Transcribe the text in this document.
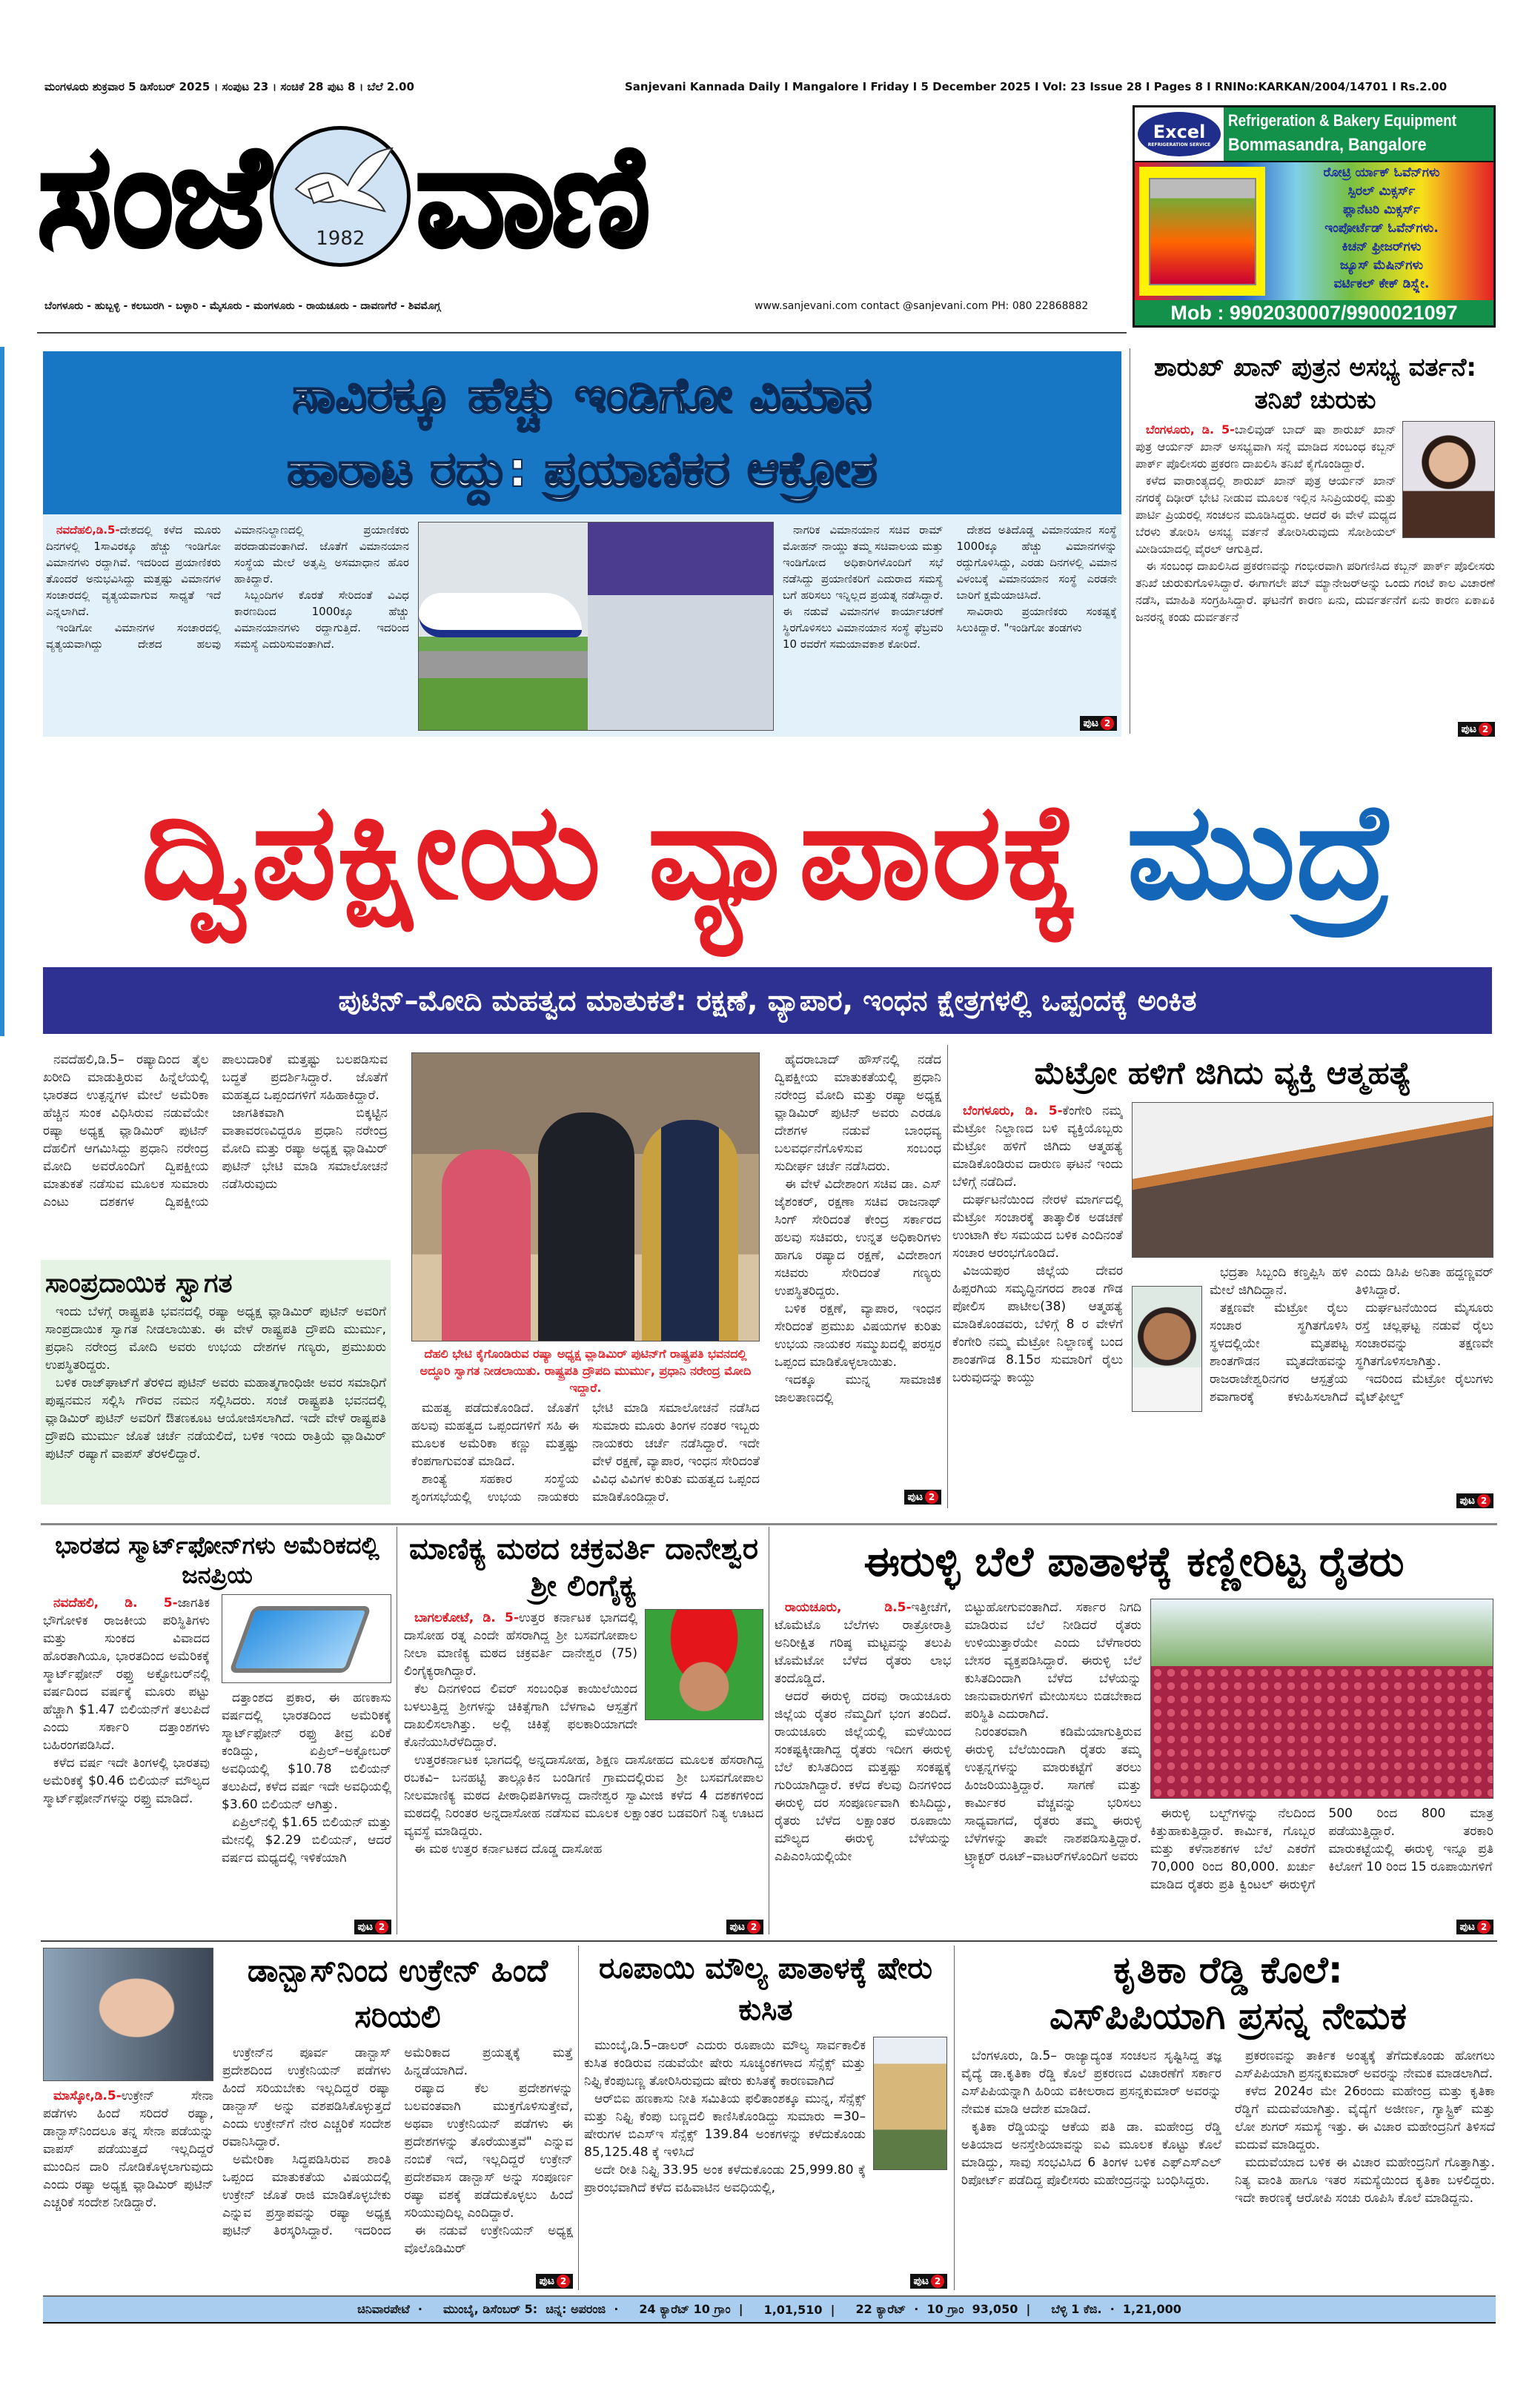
ಮಂಗಳೂರು ಶುಕ್ರವಾರ 5 ಡಿಸೆಂಬರ್ 2025 । ಸಂಪುಟ 23 । ಸಂಚಿಕೆ 28 ಪುಟ 8 । ಬೆಲೆ 2.00	Sanjevani Kannada Daily I Mangalore I Friday I 5 December 2025 I Vol: 23 Issue 28 I Pages 8 I RNINo:KARKAN/2004/14701 I Rs.2.00
ಸಂಜೆ	1982 ವಾಣಿ
ಬೆಂಗಳೂರು - ಹುಬ್ಬಳ್ಳಿ - ಕಲಬುರಗಿ - ಬಳ್ಳಾರಿ - ಮೈಸೂರು - ಮಂಗಳೂರು - ರಾಯಚೂರು - ದಾವಣಗೆರೆ - ಶಿವಮೊಗ್ಗ	www.sanjevani.com contact @sanjevani.com PH: 080 22868882
Excel
REFRIGERATION SERVICE
Refrigeration & Bakery Equipment
Bommasandra, Bangalore
ರೋಟ್ರಿ ರ್ಯಾಕ್ ಓವೆನ್‌ಗಳು
ಸ್ಪಿರಲ್ ಮಿಕ್ಸರ್ಸ್
ಪ್ಲಾನೆಟರಿ ಮಿಕ್ಸರ್ಸ್
ಇಂಪೋರ್ಟೆಡ್ ಓವೆನ್‌ಗಳು.
ಕಿಚನ್ ಫ್ರೀಜರ್‌ಗಳು
ಜ್ಯೂಸ್ ಮೆಷಿನ್‌ಗಳು
ವರ್ಟಿಕಲ್ ಕೇಕ್ ಡಿಸ್ಪ್ಲೇ.
Mob : 9902030007/9900021097
ಸಾವಿರಕ್ಕೂ ಹೆಚ್ಚು ಇಂಡಿಗೋ ವಿಮಾನ
ಹಾರಾಟ ರದ್ದು: ಪ್ರಯಾಣಿಕರ ಆಕ್ರೋಶ

ನವದೆಹಲಿ,ಡಿ.5-ದೇಶದಲ್ಲಿ ಕಳೆದ ಮೂರು ದಿನಗಳಲ್ಲಿ 1ಸಾವಿರಕ್ಕೂ ಹೆಚ್ಚು ಇಂಡಿಗೋ ವಿಮಾನಗಳು ರದ್ದಾಗಿವೆ. ಇದರಿಂದ ಪ್ರಯಾಣಿಕರು ತೊಂದರೆ ಅನುಭವಿಸಿದ್ದು ಮತ್ತಷ್ಟು ವಿಮಾನಗಳ ಸಂಚಾರದಲ್ಲಿ ವ್ಯತ್ಯಯವಾಗುವ ಸಾಧ್ಯತೆ ಇದೆ ಎನ್ನಲಾಗಿದೆ.

ಇಂಡಿಗೋ ವಿಮಾನಗಳ ಸಂಚಾರದಲ್ಲಿ ವ್ಯತ್ಯಯವಾಗಿದ್ದು ದೇಶದ ಹಲವು ವಿಮಾನನಿಲ್ದಾಣದಲ್ಲಿ ಪ್ರಯಾಣಿಕರು ಪರದಾಡುವಂತಾಗಿದೆ. ಜೊತೆಗೆ ವಿಮಾನಯಾನ ಸಂಸ್ಥೆಯ ಮೇಲೆ ಅತೃಪ್ತಿ ಅಸಮಾಧಾನ ಹೊರ ಹಾಕಿದ್ದಾರೆ.

ಸಿಬ್ಬಂದಿಗಳ ಕೊರತೆ ಸೇರಿದಂತೆ ವಿವಿಧ ಕಾರಣದಿಂದ 1000ಕ್ಕೂ ಹೆಚ್ಚು ವಿಮಾನಯಾನಗಳು ರದ್ದಾಗುತ್ತಿದೆ. ಇದರಿಂದ ಸಮಸ್ಯೆ ಎದುರಿಸುವಂತಾಗಿದೆ.

ನಾಗರಿಕ ವಿಮಾನಯಾನ ಸಚಿವ ರಾಮ್ ಮೋಹನ್ ನಾಯ್ಡು ತಮ್ಮ ಸಚಿವಾಲಯ ಮತ್ತು ಇಂಡಿಗೋದ ಅಧಿಕಾರಿಗಳೊಂದಿಗೆ ಸಭೆ ನಡೆಸಿದ್ದು ಪ್ರಯಾಣಿಕರಿಗೆ ಎದುರಾದ ಸಮಸ್ಯೆ ಬಗೆ ಹರಿಸಲು ಇನ್ನಿಲ್ಲದ ಪ್ರಯತ್ನ ನಡೆಸಿದ್ದಾರೆ. ಈ ನಡುವೆ ವಿಮಾನಗಳ ಕಾರ್ಯಾಚರಣೆ ಸ್ಥಿರಗೊಳಿಸಲು ವಿಮಾನಯಾನ ಸಂಸ್ಥೆ ಫೆಬ್ರವರಿ 10 ರವರೆಗೆ ಸಮಯಾವಕಾಶ ಕೋರಿದೆ.

ದೇಶದ ಅತಿದೊಡ್ಡ ವಿಮಾನಯಾನ ಸಂಸ್ಥೆ 1000ಕ್ಕೂ ಹೆಚ್ಚು ವಿಮಾನಗಳನ್ನು ರದ್ದುಗೊಳಿಸಿದ್ದು, ಎರಡು ದಿನಗಳಲ್ಲಿ ವಿಮಾನ ವಿಳಂಬಕ್ಕೆ ವಿಮಾನಯಾನ ಸಂಸ್ಥೆ ಎರಡನೇ ಬಾರಿಗೆ ಕ್ಷಮೆಯಾಚಿಸಿದೆ.

ಸಾವಿರಾರು ಪ್ರಯಾಣಿಕರು ಸಂಕಷ್ಟಕ್ಕೆ ಸಿಲುಕಿದ್ದಾರೆ. "ಇಂಡಿಗೋ ತಂಡಗಳು

ಪುಟ 2
ಶಾರುಖ್ ಖಾನ್ ಪುತ್ರನ ಅಸಭ್ಯ ವರ್ತನೆ: ತನಿಖೆ ಚುರುಕು

ಬೆಂಗಳೂರು, ಡಿ. 5-ಬಾಲಿವುಡ್ ಬಾದ್ ಷಾ ಶಾರುಖ್ ಖಾನ್ ಪುತ್ರ ಆರ್ಯನ್ ಖಾನ್ ಅಸಭ್ಯವಾಗಿ ಸನ್ನೆ ಮಾಡಿದ ಸಂಬಂಧ ಕಬ್ಬನ್ ಪಾರ್ಕ್ ಪೊಲೀಸರು ಪ್ರಕರಣ ದಾಖಲಿಸಿ ತನಿಖೆ ಕೈಗೊಂಡಿದ್ದಾರೆ.

ಕಳೆದ ವಾರಾಂತ್ಯದಲ್ಲಿ ಶಾರುಖ್ ಖಾನ್ ಪುತ್ರ ಆರ್ಯನ್ ಖಾನ್ ನಗರಕ್ಕೆ ದಿಢೀರ್ ಭೇಟಿ ನೀಡುವ ಮೂಲಕ ಇಲ್ಲಿನ ಸಿನಿಪ್ರಿಯರಲ್ಲಿ ಮತ್ತು ಪಾರ್ಟಿ ಪ್ರಿಯರಲ್ಲಿ ಸಂಚಲನ ಮೂಡಿಸಿದ್ದರು. ಆದರೆ ಈ ವೇಳೆ ಮಧ್ಯದ ಬೆರಳು ತೋರಿಸಿ ಅಸಭ್ಯ ವರ್ತನೆ ತೋರಿಸಿರುವುದು ಸೋಶಿಯಲ್ ಮೀಡಿಯಾದಲ್ಲಿ ವೈರಲ್ ಆಗುತ್ತಿದೆ.

ಈ ಸಂಬಂಧ ದಾಖಲಿಸಿದ ಪ್ರಕರಣವನ್ನು ಗಂಭೀರವಾಗಿ ಪರಿಗಣಿಸಿದ ಕಬ್ಬನ್ ಪಾರ್ಕ್ ಪೊಲೀಸರು ತನಿಖೆ ಚುರುಕುಗೊಳಿಸಿದ್ದಾರೆ. ಈಗಾಗಲೇ ಪಬ್ ಮ್ಯಾನೇಜರ್‌ಅನ್ನು ಒಂದು ಗಂಟೆ ಕಾಲ ವಿಚಾರಣೆ ನಡೆಸಿ, ಮಾಹಿತಿ ಸಂಗ್ರಹಿಸಿದ್ದಾರೆ. ಘಟನೆಗೆ ಕಾರಣ ಏನು, ದುರ್ವರ್ತನೆಗೆ ಏನು ಕಾರಣ ಏಕಾಏಕಿ ಜನರನ್ನ ಕಂಡು ದುರ್ವರ್ತನೆ

ಪುಟ 2
ದ್ವಿಪಕ್ಷೀಯ ವ್ಯಾಪಾರಕ್ಕೆ ಮುದ್ರೆ
ಪುಟಿನ್–ಮೋದಿ ಮಹತ್ವದ ಮಾತುಕತೆ: ರಕ್ಷಣೆ, ವ್ಯಾಪಾರ, ಇಂಧನ ಕ್ಷೇತ್ರಗಳಲ್ಲಿ ಒಪ್ಪಂದಕ್ಕೆ ಅಂಕಿತ

ನವದೆಹಲಿ,ಡಿ.5– ರಷ್ಯಾದಿಂದ ತೈಲ ಖರೀದಿ ಮಾಡುತ್ತಿರುವ ಹಿನ್ನೆಲೆಯಲ್ಲಿ ಭಾರತದ ಉತ್ಪನ್ನಗಳ ಮೇಲೆ ಅಮೆರಿಕಾ ಹೆಚ್ಚಿನ ಸುಂಕ ವಿಧಿಸಿರುವ ನಡುವೆಯೇ ರಷ್ಯಾ ಅಧ್ಯಕ್ಷ ವ್ಲಾಡಿಮಿರ್ ಪುಟಿನ್ ದೆಹಲಿಗೆ ಆಗಮಿಸಿದ್ದು ಪ್ರಧಾನಿ ನರೇಂದ್ರ ಮೋದಿ ಅವರೊಂದಿಗೆ ದ್ವಿಪಕ್ಷೀಯ ಮಾತುಕತೆ ನಡೆಸುವ ಮೂಲಕ ಸುಮಾರು ಎಂಟು ದಶಕಗಳ ದ್ವಿಪಕ್ಷೀಯ ಪಾಲುದಾರಿಕೆ ಮತ್ತಷ್ಟು ಬಲಪಡಿಸುವ ಬದ್ಧತೆ ಪ್ರದರ್ಶಿಸಿದ್ದಾರೆ. ಜೊತೆಗೆ ಮಹತ್ವದ ಒಪ್ಪಂದಗಳಿಗೆ ಸಹಿಹಾಕಿದ್ದಾರೆ.

ಜಾಗತಿಕವಾಗಿ ಬಿಕ್ಕಟ್ಟಿನ ವಾತಾವರಣವಿದ್ದರೂ ಪ್ರಧಾನಿ ನರೇಂದ್ರ ಮೋದಿ ಮತ್ತು ರಷ್ಯಾ ಅಧ್ಯಕ್ಷ ವ್ಲಾಡಿಮಿರ್ ಪುಟಿನ್ ಭೇಟಿ ಮಾಡಿ ಸಮಾಲೋಚನೆ ನಡೆಸಿರುವುದು

ಸಾಂಪ್ರದಾಯಿಕ ಸ್ವಾಗತ

ಇಂದು ಬೆಳಗ್ಗೆ ರಾಷ್ಟ್ರಪತಿ ಭವನದಲ್ಲಿ ರಷ್ಯಾ ಅಧ್ಯಕ್ಷ ವ್ಲಾಡಿಮಿರ್ ಪುಟಿನ್ ಅವರಿಗೆ ಸಾಂಪ್ರದಾಯಿಕ ಸ್ವಾಗತ ನೀಡಲಾಯಿತು. ಈ ವೇಳೆ ರಾಷ್ಟ್ರಪತಿ ದ್ರೌಪದಿ ಮುರ್ಮು, ಪ್ರಧಾನಿ ನರೇಂದ್ರ ಮೋದಿ ಅವರು ಉಭಯ ದೇಶಗಳ ಗಣ್ಯರು, ಪ್ರಮುಖರು ಉಪಸ್ಥಿತರಿದ್ದರು.

ಬಳಿಕ ರಾಜ್‌ಘಾಟ್‌ಗೆ ತೆರಳಿದ ಪುಟಿನ್ ಅವರು ಮಹಾತ್ಮಗಾಂಧಿಜೀ ಅವರ ಸಮಾಧಿಗೆ ಪುಷ್ಪನಮನ ಸಲ್ಲಿಸಿ ಗೌರವ ನಮನ ಸಲ್ಲಿಸಿದರು. ಸಂಜೆ ರಾಷ್ಟ್ರಪತಿ ಭವನದಲ್ಲಿ ವ್ಲಾಡಿಮಿರ್ ಪುಟಿನ್ ಅವರಿಗೆ ಔತಣಕೂಟ ಆಯೋಜಿಸಲಾಗಿದೆ. ಇದೇ ವೇಳೆ ರಾಷ್ಟ್ರಪತಿ ದ್ರೌಪದಿ ಮುರ್ಮು ಜೊತೆ ಚರ್ಚೆ ನಡೆಯಲಿದೆ, ಬಳಿಕ ಇಂದು ರಾತ್ರಿಯೆ ವ್ಲಾಡಿಮಿರ್ ಪುಟಿನ್ ರಷ್ಯಾಗೆ ವಾಪಸ್ ತೆರಳಲಿದ್ದಾರೆ.

ದೆಹಲಿ ಭೇಟಿ ಕೈಗೊಂಡಿರುವ ರಷ್ಯಾ ಅಧ್ಯಕ್ಷ ವ್ಲಾಡಿಮಿರ್ ಪುಟಿನ್‌ಗೆ ರಾಷ್ಟ್ರಪತಿ ಭವನದಲ್ಲಿ ಅದ್ಧೂರಿ ಸ್ವಾಗತ ನೀಡಲಾಯಿತು. ರಾಷ್ಟ್ರಪತಿ ದ್ರೌಪದಿ ಮುರ್ಮು, ಪ್ರಧಾನಿ ನರೇಂದ್ರ ಮೋದಿ ಇದ್ದಾರೆ.

ಮಹತ್ವ ಪಡೆದುಕೊಂಡಿದೆ. ಜೊತೆಗೆ ಹಲವು ಮಹತ್ವದ ಒಪ್ಪಂದಗಳಿಗೆ ಸಹಿ ಈ ಮೂಲಕ ಅಮೆರಿಕಾ ಕಣ್ಣು ಮತ್ತಷ್ಟು ಕೆಂಪಗಾಗುವಂತೆ ಮಾಡಿದೆ.

ಶಾಂತ್ಯೆ ಸಹಕಾರ ಸಂಸ್ಥೆಯ ಶೃಂಗಸಭೆಯಲ್ಲಿ ಉಭಯ ನಾಯಕರು ಭೇಟಿ ಮಾಡಿ ಸಮಾಲೋಚನೆ ನಡೆಸಿದ ಸುಮಾರು ಮೂರು ತಿಂಗಳ ನಂತರ ಇಬ್ಬರು ನಾಯಕರು ಚರ್ಚೆ ನಡೆಸಿದ್ದಾರೆ. ಇದೇ ವೇಳೆ ರಕ್ಷಣೆ, ವ್ಯಾಪಾರ, ಇಂಧನ ಸೇರಿದಂತೆ ವಿವಿಧ ವಿವಿಗಳ ಕುರಿತು ಮಹತ್ವದ ಒಪ್ಪಂದ ಮಾಡಿಕೊಂಡಿದ್ದಾರೆ.

ಹೈದರಾಬಾದ್ ಹೌಸ್‌ನಲ್ಲಿ ನಡೆದ ದ್ವಿಪಕ್ಷೀಯ ಮಾತುಕತೆಯಲ್ಲಿ ಪ್ರಧಾನಿ ನರೇಂದ್ರ ಮೋದಿ ಮತ್ತು ರಷ್ಯಾ ಅಧ್ಯಕ್ಷ ವ್ಲಾಡಿಮಿರ್ ಪುಟಿನ್ ಅವರು ಎರಡೂ ದೇಶಗಳ ನಡುವೆ ಬಾಂಧವ್ಯ ಬಲವರ್ಧನೆಗೊಳಿಸುವ ಸಂಬಂಧ ಸುದೀರ್ಘ ಚರ್ಚೆ ನಡೆಸಿದರು.

ಈ ವೇಳೆ ವಿದೇಶಾಂಗ ಸಚಿವ ಡಾ. ಎಸ್ ಜೈಶಂಕರ್, ರಕ್ಷಣಾ ಸಚಿವ ರಾಜನಾಥ್ ಸಿಂಗ್ ಸೇರಿದಂತೆ ಕೇಂದ್ರ ಸರ್ಕಾರದ ಹಲವು ಸಚಿವರು, ಉನ್ನತ ಅಧಿಕಾರಿಗಳು ಹಾಗೂ ರಷ್ಯಾದ ರಕ್ಷಣೆ, ವಿದೇಶಾಂಗ ಸಚಿವರು ಸೇರಿದಂತೆ ಗಣ್ಯರು ಉಪಸ್ಥಿತರಿದ್ದರು.

ಬಳಿಕ ರಕ್ಷಣೆ, ವ್ಯಾಪಾರ, ಇಂಧನ ಸೇರಿದಂತೆ ಪ್ರಮುಖ ವಿಷಯಗಳ ಕುರಿತು ಉಭಯ ನಾಯಕರ ಸಮ್ಮುಖದಲ್ಲಿ ಪರಸ್ಪರ ಒಪ್ಪಂದ ಮಾಡಿಕೊಳ್ಳಲಾಯಿತು.

ಇದಕ್ಕೂ ಮುನ್ನ ಸಾಮಾಜಿಕ ಜಾಲತಾಣದಲ್ಲಿ

ಪುಟ 2
ಮೆಟ್ರೋ ಹಳಿಗೆ ಜಿಗಿದು ವ್ಯಕ್ತಿ ಆತ್ಮಹತ್ಯೆ

ಬೆಂಗಳೂರು, ಡಿ. 5-ಕೆಂಗೇರಿ ನಮ್ಮ ಮೆಟ್ರೋ ನಿಲ್ದಾಣದ ಬಳಿ ವ್ಯಕ್ತಿಯೊಬ್ಬರು ಮೆಟ್ರೋ ಹಳಿಗೆ ಜಿಗಿದು ಆತ್ಮಹತ್ಯೆ ಮಾಡಿಕೊಂಡಿರುವ ದಾರುಣ ಘಟನೆ ಇಂದು ಬೆಳಿಗ್ಗೆ ನಡೆದಿದೆ.

ದುರ್ಘಟನೆಯಿಂದ ನೇರಳೆ ಮಾರ್ಗದಲ್ಲಿ ಮೆಟ್ರೋ ಸಂಚಾರಕ್ಕೆ ತಾತ್ಕಾಲಿಕ ಅಡಚಣೆ ಉಂಟಾಗಿ ಕೆಲ ಸಮಯದ ಬಳಿಕ ಎಂದಿನಂತೆ ಸಂಚಾರ ಆರಂಭಗೊಂಡಿದೆ.

ವಿಜಯಪುರ ಜಿಲ್ಲೆಯ ದೇವರ ಹಿಪ್ಪರಗಿಯ ಸಮೃದ್ಧಿನಗರದ ಶಾಂತ ಗೌಡ ಪೋಲಿಸ ಪಾಟೀಲ(38) ಆತ್ಮಹತ್ಯೆ ಮಾಡಿಕೊಂಡವರು, ಬೆಳಿಗ್ಗೆ 8 ರ ವೇಳೆಗೆ ಕೆಂಗೇರಿ ನಮ್ಮ ಮೆಟ್ರೋ ನಿಲ್ದಾಣಕ್ಕೆ ಬಂದ ಶಾಂತಗೌಡ 8.15ರ ಸುಮಾರಿಗೆ ರೈಲು ಬರುವುದನ್ನು ಕಾಯ್ದು

ಭದ್ರತಾ ಸಿಬ್ಬಂದಿ ಕಣ್ತಪ್ಪಿಸಿ ಹಳಿ ಮೇಲೆ ಜಿಗಿದಿದ್ದಾನೆ.

ತಕ್ಷಣವೇ ಮೆಟ್ರೋ ರೈಲು ಸಂಚಾರ ಸ್ಥಗಿತಗೊಳಿಸಿ ಸ್ಥಳದಲ್ಲಿಯೇ ಮೃತಪಟ್ಟ ಶಾಂತಗೌಡನ ಮೃತದೇಹವನ್ನು ರಾಜರಾಜೇಶ್ವರಿನಗರ ಆಸ್ಪತ್ರೆಯ ಶವಾಗಾರಕ್ಕೆ ಕಳುಹಿಸಲಾಗಿದೆ ಎಂದು ಡಿಸಿಪಿ ಅನಿತಾ ಹದ್ದಣ್ಣವರ್ ತಿಳಿಸಿದ್ದಾರೆ.

ದುರ್ಘಟನೆಯಿಂದ ಮೈಸೂರು ರಸ್ತೆ ಚಲ್ಲಘಟ್ಟ ನಡುವೆ ರೈಲು ಸಂಚಾರವನ್ನು ತಕ್ಷಣವೇ ಸ್ಥಗಿತಗೊಳಿಸಲಾಗಿತ್ತು.

ಇದರಿಂದ ಮೆಟ್ರೋ ರೈಲುಗಳು ವೈಟ್‌ಫೀಲ್ಡ್

ಪುಟ 2
ಭಾರತದ ಸ್ಮಾರ್ಟ್‌ಫೋನ್‌ಗಳು ಅಮೆರಿಕದಲ್ಲಿ ಜನಪ್ರಿಯ

ನವದೆಹಲಿ, ಡಿ. 5-ಜಾಗತಿಕ ಭೌಗೋಳಿಕ ರಾಜಕೀಯ ಪರಿಸ್ಥಿತಿಗಳು ಮತ್ತು ಸುಂಕದ ವಿವಾದದ ಹೊರತಾಗಿಯೂ, ಭಾರತದಿಂದ ಅಮೆರಿಕಕ್ಕೆ ಸ್ಮಾರ್ಟ್‌ಫೋನ್ ರಫ್ತು ಅಕ್ಟೋಬರ್‌ನಲ್ಲಿ ವರ್ಷದಿಂದ ವರ್ಷಕ್ಕೆ ಮೂರು ಪಟ್ಟು ಹೆಚ್ಚಾಗಿ $1.47 ಬಿಲಿಯನ್‌ಗೆ ತಲುಪಿದೆ ಎಂದು ಸರ್ಕಾರಿ ದತ್ತಾಂಶಗಳು ಬಹಿರಂಗಪಡಿಸಿದೆ.

ಕಳೆದ ವರ್ಷ ಇದೇ ತಿಂಗಳಲ್ಲಿ ಭಾರತವು ಅಮೆರಿಕಕ್ಕೆ $0.46 ಬಿಲಿಯನ್ ಮೌಲ್ಯದ ಸ್ಮಾರ್ಟ್‌ಫೋನ್‌ಗಳನ್ನು ರಫ್ತು ಮಾಡಿದೆ.

ದತ್ತಾಂಶದ ಪ್ರಕಾರ, ಈ ಹಣಕಾಸು ವರ್ಷದಲ್ಲಿ ಭಾರತದಿಂದ ಅಮೆರಿಕಕ್ಕೆ ಸ್ಮಾರ್ಟ್‌ಫೋನ್ ರಫ್ತು ತೀವ್ರ ಏರಿಕೆ ಕಂಡಿದ್ದು, ಏಪ್ರಿಲ್–ಅಕ್ಟೋಬರ್ ಅವಧಿಯಲ್ಲಿ $10.78 ಬಿಲಿಯನ್ ತಲುಪಿದೆ, ಕಳೆದ ವರ್ಷ ಇದೇ ಅವಧಿಯಲ್ಲಿ $3.60 ಬಿಲಿಯನ್ ಆಗಿತ್ತು.

ಏಪ್ರಿಲ್‌ನಲ್ಲಿ $1.65 ಬಿಲಿಯನ್ ಮತ್ತು ಮೇನಲ್ಲಿ $2.29 ಬಿಲಿಯನ್, ಆದರೆ ವರ್ಷದ ಮಧ್ಯದಲ್ಲಿ ಇಳಿಕೆಯಾಗಿ

ಪುಟ 2
ಮಾಣಿಕ್ಯ ಮಠದ ಚಕ್ರವರ್ತಿ ದಾನೇಶ್ವರ ಶ್ರೀ ಲಿಂಗೈಕ್ಯ

ಬಾಗಲಕೋಟೆ, ಡಿ. 5-ಉತ್ತರ ಕರ್ನಾಟಕ ಭಾಗದಲ್ಲಿ ದಾಸೋಹ ರತ್ನ ಎಂದೇ ಹೆಸರಾಗಿದ್ದ ಶ್ರೀ ಬಸವಗೋಪಾಲ ನೀಲಾ ಮಾಣಿಕ್ಯ ಮಠದ ಚಕ್ರವರ್ತಿ ದಾನೇಶ್ವರ (75) ಲಿಂಗೈಕ್ಯರಾಗಿದ್ದಾರೆ.

ಕೆಲ ದಿನಗಳಿಂದ ಲಿವರ್ ಸಂಬಂಧಿತ ಕಾಯಿಲೆಯಿಂದ ಬಳಲುತ್ತಿದ್ದ ಶ್ರೀಗಳನ್ನು ಚಿಕಿತ್ಸೆಗಾಗಿ ಬೆಳಗಾವಿ ಆಸ್ಪತ್ರೆಗೆ ದಾಖಲಿಸಲಾಗಿತ್ತು. ಅಲ್ಲಿ ಚಿಕಿತ್ಸೆ ಫಲಕಾರಿಯಾಗದೇ ಕೊನೆಯುಸಿರೆಳೆದಿದ್ದಾರೆ.

ಉತ್ತರಕರ್ನಾಟಕ ಭಾಗದಲ್ಲಿ ಅನ್ನದಾಸೋಹ, ಶಿಕ್ಷಣ ದಾಸೋಹದ ಮೂಲಕ ಹೆಸರಾಗಿದ್ದ ರಬಕವಿ– ಬನಹಟ್ಟಿ ತಾಲ್ಲೂಕಿನ ಬಂಡಿಗಣಿ ಗ್ರಾಮದಲ್ಲಿರುವ ಶ್ರೀ ಬಸವಗೋಪಾಲ ನೀಲಮಾಣಿಕ್ಯ ಮಠದ ಪೀಠಾಧಿಪತಿಗಳಾದ್ದ ದಾನೇಶ್ವರ ಸ್ವಾಮೀಜಿ ಕಳೆದ 4 ದಶಕಗಳಿಂದ ಮಠದಲ್ಲಿ ನಿರಂತರ ಅನ್ನದಾಸೋಹ ನಡೆಸುವ ಮೂಲಕ ಲಕ್ಷಾಂತರ ಬಡವರಿಗೆ ನಿತ್ಯ ಊಟದ ವ್ಯವಸ್ಥೆ ಮಾಡಿದ್ದರು.

ಈ ಮಠ ಉತ್ತರ ಕರ್ನಾಟಕದ ದೊಡ್ಡ ದಾಸೋಹ

ಪುಟ 2
ಈರುಳ್ಳಿ ಬೆಲೆ ಪಾತಾಳಕ್ಕೆ ಕಣ್ಣೀರಿಟ್ಟ ರೈತರು

ರಾಯಚೂರು, ಡಿ.5-ಇತ್ತೀಚೆಗೆ, ಟೊಮೆಟೊ ಬೆಲೆಗಳು ರಾತ್ರೋರಾತ್ರಿ ಅನಿರೀಕ್ಷಿತ ಗರಿಷ್ಠ ಮಟ್ಟವನ್ನು ತಲುಪಿ ಟೊಮೆಟೋ ಬೆಳೆದ ರೈತರು ಲಾಭ ತಂದೊಡ್ಡಿದೆ.

ಆದರೆ ಈರುಳ್ಳಿ ದರವು ರಾಯಚೂರು ಜಿಲ್ಲೆಯ ರೈತರ ನೆಮ್ಮದಿಗೆ ಭಂಗ ತಂದಿದೆ. ರಾಯಚೂರು ಜಿಲ್ಲೆಯಲ್ಲಿ ಮಳೆಯಿಂದ ಸಂಕಷ್ಟಕ್ಕೀಡಾಗಿದ್ದ ರೈತರು ಇದೀಗ ಈರುಳ್ಳಿ ಬೆಲೆ ಕುಸಿತದಿಂದ ಮತ್ತಷ್ಟು ಸಂಕಷ್ಟಕ್ಕೆ ಗುರಿಯಾಗಿದ್ದಾರೆ. ಕಳೆದ ಕೆಲವು ದಿನಗಳಿಂದ ಈರುಳ್ಳಿ ದರ ಸಂಪೂರ್ಣವಾಗಿ ಕುಸಿದಿದ್ದು, ರೈತರು ಬೆಳೆದ ಲಕ್ಷಾಂತರ ರೂಪಾಯಿ ಮೌಲ್ಯದ ಈರುಳ್ಳಿ ಬೆಳೆಯನ್ನು ಎಪಿಎಂಸಿಯಲ್ಲಿಯೇ ಬಿಟ್ಟುಹೋಗುವಂತಾಗಿದೆ. ಸರ್ಕಾರ ನಿಗದಿ ಮಾಡಿರುವ ಬೆಲೆ ನೀಡಿದರೆ ರೈತರು ಉಳಿಯುತ್ತಾರೆಯೇ ಎಂದು ಬೆಳೆಗಾರರು ಬೇಸರ ವ್ಯಕ್ತಪಡಿಸಿದ್ದಾರೆ. ಈರುಳ್ಳಿ ಬೆಲೆ ಕುಸಿತದಿಂದಾಗಿ ಬೆಳೆದ ಬೆಳೆಯನ್ನು ಜಾನುವಾರುಗಳಿಗೆ ಮೇಯಿಸಲು ಬಿಡಬೇಕಾದ ಪರಿಸ್ಥಿತಿ ಎದುರಾಗಿದೆ.

ನಿರಂತರವಾಗಿ ಕಡಿಮೆಯಾಗುತ್ತಿರುವ ಈರುಳ್ಳಿ ಬೆಲೆಯಿಂದಾಗಿ ರೈತರು ತಮ್ಮ ಉತ್ಪನ್ನಗಳನ್ನು ಮಾರುಕಟ್ಟೆಗೆ ತರಲು ಹಿಂಜರಿಯುತ್ತಿದ್ದಾರೆ. ಸಾಗಣೆ ಮತ್ತು ಕಾರ್ಮಿಕರ ವೆಚ್ಚವನ್ನು ಭರಿಸಲು ಸಾಧ್ಯವಾಗದೆ, ರೈತರು ತಮ್ಮ ಈರುಳ್ಳಿ ಬೆಳೆಗಳನ್ನು ತಾವೇ ನಾಶಪಡಿಸುತ್ತಿದ್ದಾರೆ. ಟ್ರ್ಯಾಕ್ಟರ್ ರೂಟ್–ವಾಟರ್‌ಗಳೊಂದಿಗೆ ಅವರು

ಈರುಳ್ಳಿ ಬಲ್ಬ್‌ಗಳನ್ನು ನೆಲದಿಂದ ಕಿತ್ತುಹಾಕುತ್ತಿದ್ದಾರೆ. ಕಾರ್ಮಿಕ, ಗೊಬ್ಬರ ಮತ್ತು ಕಳೆನಾಶಕಗಳ ಬೆಲೆ ಎಕರೆಗೆ 70,000 ರಿಂದ 80,000. ಖರ್ಚು ಮಾಡಿದ ರೈತರು ಪ್ರತಿ ಕ್ವಿಂಟಲ್ ಈರುಳ್ಳಿಗೆ 500 ರಿಂದ 800 ಮಾತ್ರ ಪಡೆಯುತ್ತಿದ್ದಾರೆ. ತರಕಾರಿ ಮಾರುಕಟ್ಟೆಯಲ್ಲಿ ಈರುಳ್ಳಿ ಇನ್ನೂ ಪ್ರತಿ ಕಿಲೋಗೆ 10 ರಿಂದ 15 ರೂಪಾಯಿಗಳಿಗೆ

ಪುಟ 2

ಮಾಸ್ಕೋ,ಡಿ.5-ಉಕ್ರೇನ್ ಸೇನಾ ಪಡೆಗಳು ಹಿಂದೆ ಸರಿದರೆ ರಷ್ಯಾ, ಡಾನ್ಬಾಸ್‌ನಿಂದಲೂ ತನ್ನ ಸೇನಾ ಪಡೆಯನ್ನು ವಾಪಸ್ ಪಡೆಯುತ್ತದೆ ಇಲ್ಲದಿದ್ದರೆ ಮುಂದಿನ ದಾರಿ ನೋಡಿಕೊಳ್ಳಲಾಗುವುದು ಎಂದು ರಷ್ಯಾ ಅಧ್ಯಕ್ಷ ವ್ಲಾಡಿಮಿರ್ ಪುಟಿನ್ ಎಚ್ಚರಿಕೆ ಸಂದೇಶ ನೀಡಿದ್ದಾರೆ.

ಡಾನ್ಬಾಸ್‌ನಿಂದ ಉಕ್ರೇನ್ ಹಿಂದೆ ಸರಿಯಲಿ

ಉಕ್ರೇನ್‌ನ ಪೂರ್ವ ಡಾನ್ಬಾಸ್ ಪ್ರದೇಶದಿಂದ ಉಕ್ರೇನಿಯನ್ ಪಡೆಗಳು ಹಿಂದೆ ಸರಿಯಬೇಕು ಇಲ್ಲದಿದ್ದರೆ ರಷ್ಯಾ ಡಾನ್ಬಾಸ್ ಅನ್ನು ವಶಪಡಿಸಿಕೊಳ್ಳುತ್ತದೆ ಎಂದು ಉಕ್ರೇನ್‌ಗೆ ನೇರ ಎಚ್ಚರಿಕೆ ಸಂದೇಶ ರವಾನಿಸಿದ್ದಾರೆ.

ಅಮೇರಿಕಾ ಸಿದ್ಧಪಡಿಸಿರುವ ಶಾಂತಿ ಒಪ್ಪಂದ ಮಾತುಕತೆಯ ವಿಷಯದಲ್ಲಿ ಉಕ್ರೇನ್ ಜೊತೆ ರಾಜಿ ಮಾಡಿಕೊಳ್ಳಬೇಕು ಎನ್ನುವ ಪ್ರಸ್ತಾಪವನ್ನು ರಷ್ಯಾ ಅಧ್ಯಕ್ಷ ಪುಟಿನ್ ತಿರಸ್ಕರಿಸಿದ್ದಾರೆ. ಇದರಿಂದ ಅಮೆರಿಕಾದ ಪ್ರಯತ್ನಕ್ಕೆ ಮತ್ತೆ ಹಿನ್ನಡೆಯಾಗಿದೆ.

ರಷ್ಯಾದ ಕೆಲ ಪ್ರದೇಶಗಳನ್ನು ಬಲವಂತವಾಗಿ ಮುಕ್ತಗೊಳಿಸುತ್ತೇವೆ, ಅಥವಾ ಉಕ್ರೇನಿಯನ್ ಪಡೆಗಳು ಈ ಪ್ರದೇಶಗಳನ್ನು ತೊರೆಯುತ್ತವೆ" ಎನ್ನುವ ನಂಬಿಕೆ ಇದೆ, ಇಲ್ಲದಿದ್ದರೆ ಉಕ್ರೇನ್ ಪ್ರದೇಶವಾಸ ಡಾನ್ಬಾಸ್ ಅನ್ನು ಸಂಪೂರ್ಣ ರಷ್ಯಾ ವಶಕ್ಕೆ ಪಡೆದುಕೊಳ್ಳಲು ಹಿಂದೆ ಸರಿಯುವುದಿಲ್ಲ ಎಂದಿದ್ದಾರೆ.

ಈ ನಡುವೆ ಉಕ್ರೇನಿಯನ್ ಅಧ್ಯಕ್ಷ ವೊಲೊಡಿಮಿರ್

ಪುಟ 2
ರೂಪಾಯಿ ಮೌಲ್ಯ ಪಾತಾಳಕ್ಕೆ ಷೇರು ಕುಸಿತ

ಮುಂಬೈ,ಡಿ.5–ಡಾಲರ್ ಎದುರು ರೂಪಾಯಿ ಮೌಲ್ಯ ಸಾರ್ವಕಾಲಿಕ ಕುಸಿತ ಕಂಡಿರುವ ನಡುವೆಯೇ ಷೇರು ಸೂಚ್ಯಂಕಗಳಾದ ಸೆನ್ಸೆಕ್ಸ್ ಮತ್ತು ನಿಫ್ಟಿ ಕೆಂಪುಬಣ್ಣ ತೋರಿಸಿರುವುದು ಷೇರು ಕುಸಿತಕ್ಕೆ ಕಾರಣವಾಗಿದೆ

ಆರ್‌ಬಿಐ ಹಣಕಾಸು ನೀತಿ ಸಮಿತಿಯ ಫಲಿತಾಂಶಕ್ಕೂ ಮುನ್ನ, ಸೆನ್ಸೆಕ್ಸ್ ಮತ್ತು ನಿಫ್ಟಿ ಕೆಂಪು ಬಣ್ಣದಲಿ ಕಾಣಿಸಿಕೊಂಡಿದ್ದು ಸುಮಾರು =30–ಷೇರುಗಳ ಬಿಎಸ್‌ಇ ಸೆನ್ಸೆಕ್ಸ್ 139.84 ಅಂಕಗಳನ್ನು ಕಳೆದುಕೊಂಡು 85,125.48 ಕ್ಕೆ ಇಳಿಸಿದೆ

ಅದೇ ರೀತಿ ನಿಫ್ಟಿ 33.95 ಅಂಕ ಕಳೆದುಕೊಂಡು 25,999.80 ಕ್ಕೆ ಪ್ರಾರಂಭವಾಗಿದೆ ಕಳೆದ ವಹಿವಾಟಿನ ಅವಧಿಯಲ್ಲಿ,

ಪುಟ 2
ಕೃತಿಕಾ ರೆಡ್ಡಿ ಕೊಲೆ:
ಎಸ್‌ಪಿಪಿಯಾಗಿ ಪ್ರಸನ್ನ ನೇಮಕ

ಬೆಂಗಳೂರು, ಡಿ.5– ರಾಜ್ಯಾದ್ಯಂತ ಸಂಚಲನ ಸೃಷ್ಟಿಸಿದ್ದ ತಜ್ಞ ವೈದ್ಯೆ ಡಾ.ಕೃತಿಕಾ ರೆಡ್ಡಿ ಕೊಲೆ ಪ್ರಕರಣದ ವಿಚಾರಣೆಗೆ ಸರ್ಕಾರ ಎಸ್‌ಪಿಪಿಯನ್ನಾಗಿ ಹಿರಿಯ ವಕೀಲರಾದ ಪ್ರಸನ್ನಕುಮಾರ್ ಅವರನ್ನು ನೇಮಕ ಮಾಡಿ ಆದೇಶ ಮಾಡಿದೆ.

ಕೃತಿಕಾ ರೆಡ್ಡಿಯನ್ನು ಆಕೆಯ ಪತಿ ಡಾ. ಮಹೇಂದ್ರ ರೆಡ್ಡಿ ಅತಿಯಾದ ಅನಸ್ತೇಶಿಯಾವನ್ನು ಐವಿ ಮೂಲಕ ಕೊಟ್ಟು ಕೊಲೆ ಮಾಡಿದ್ದು, ಸಾವು ಸಂಭವಿಸಿದ 6 ತಿಂಗಳ ಬಳಿಕ ಎಫ್‌ಎಸ್‌ಎಲ್ ರಿಪೋರ್ಟ್ ಪಡೆದಿದ್ದ ಪೊಲೀಸರು ಮಹೇಂದ್ರನನ್ನು ಬಂಧಿಸಿದ್ದರು.

ಪ್ರಕರಣವನ್ನು ತಾರ್ಕಿಕ ಅಂತ್ಯಕ್ಕೆ ತೆಗೆದುಕೊಂಡು ಹೋಗಲು ಎಸ್‌ಪಿಪಿಯಾಗಿ ಪ್ರಸನ್ನಕುಮಾರ್ ಅವರನ್ನು ನೇಮಕ ಮಾಡಲಾಗಿದೆ.

ಕಳೆದ 2024ರ ಮೇ 26ರಂದು ಮಹೇಂದ್ರ ಮತ್ತು ಕೃತಿಕಾ ರೆಡ್ಡಿಗೆ ಮದುವೆಯಾಗಿತ್ತು. ವೈದ್ಯೆಗೆ ಅಜೀರ್ಣ, ಗ್ಯಾಸ್ಟ್ರಿಕ್ ಮತ್ತು ಲೋ ಶುಗರ್ ಸಮಸ್ಯೆ ಇತ್ತು. ಈ ವಿಚಾರ ಮಹೇಂದ್ರನಿಗೆ ತಿಳಿಸದೆ ಮದುವೆ ಮಾಡಿದ್ದರು.

ಮದುವೆಯಾದ ಬಳಿಕ ಈ ವಿಚಾರ ಮಹೇಂದ್ರನಿಗೆ ಗೊತ್ತಾಗಿತ್ತು. ನಿತ್ಯ ವಾಂತಿ ಹಾಗೂ ಇತರ ಸಮಸ್ಯೆಯಿಂದ ಕೃತಿಕಾ ಬಳಲಿದ್ದರು. ಇದೇ ಕಾರಣಕ್ಕೆ ಆರೋಪಿ ಸಂಚು ರೂಪಿಸಿ ಕೊಲೆ ಮಾಡಿದ್ದನು.

ಚಿನಿವಾರಪೇಟೆ  · ಮುಂಬೈ, ಡಿಸೆಂಬರ್ 5:  ಚಿನ್ನ: ಅಪರಂಜಿ  · 24 ಕ್ಯಾರೆಟ್ 10 ಗ್ರಾಂ  | 1,01,510  | 22 ಕ್ಯಾರೆಟ್  ·  10 ಗ್ರಾಂ  93,050  | ಬೆಳ್ಳಿ 1 ಕೆಜಿ.  ·  1,21,000
